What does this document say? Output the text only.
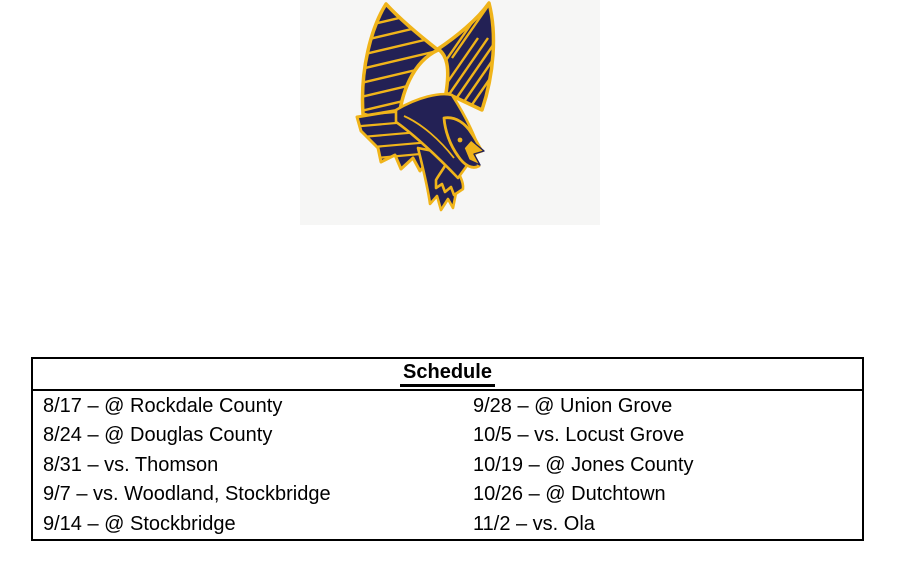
Schedule
8/17 – @ Rockdale County
8/24 – @ Douglas County
8/31 – vs. Thomson
9/7 – vs. Woodland, Stockbridge
9/14 – @ Stockbridge
9/28 – @ Union Grove
10/5 – vs. Locust Grove
10/19 – @ Jones County
10/26 – @ Dutchtown
11/2 – vs. Ola
